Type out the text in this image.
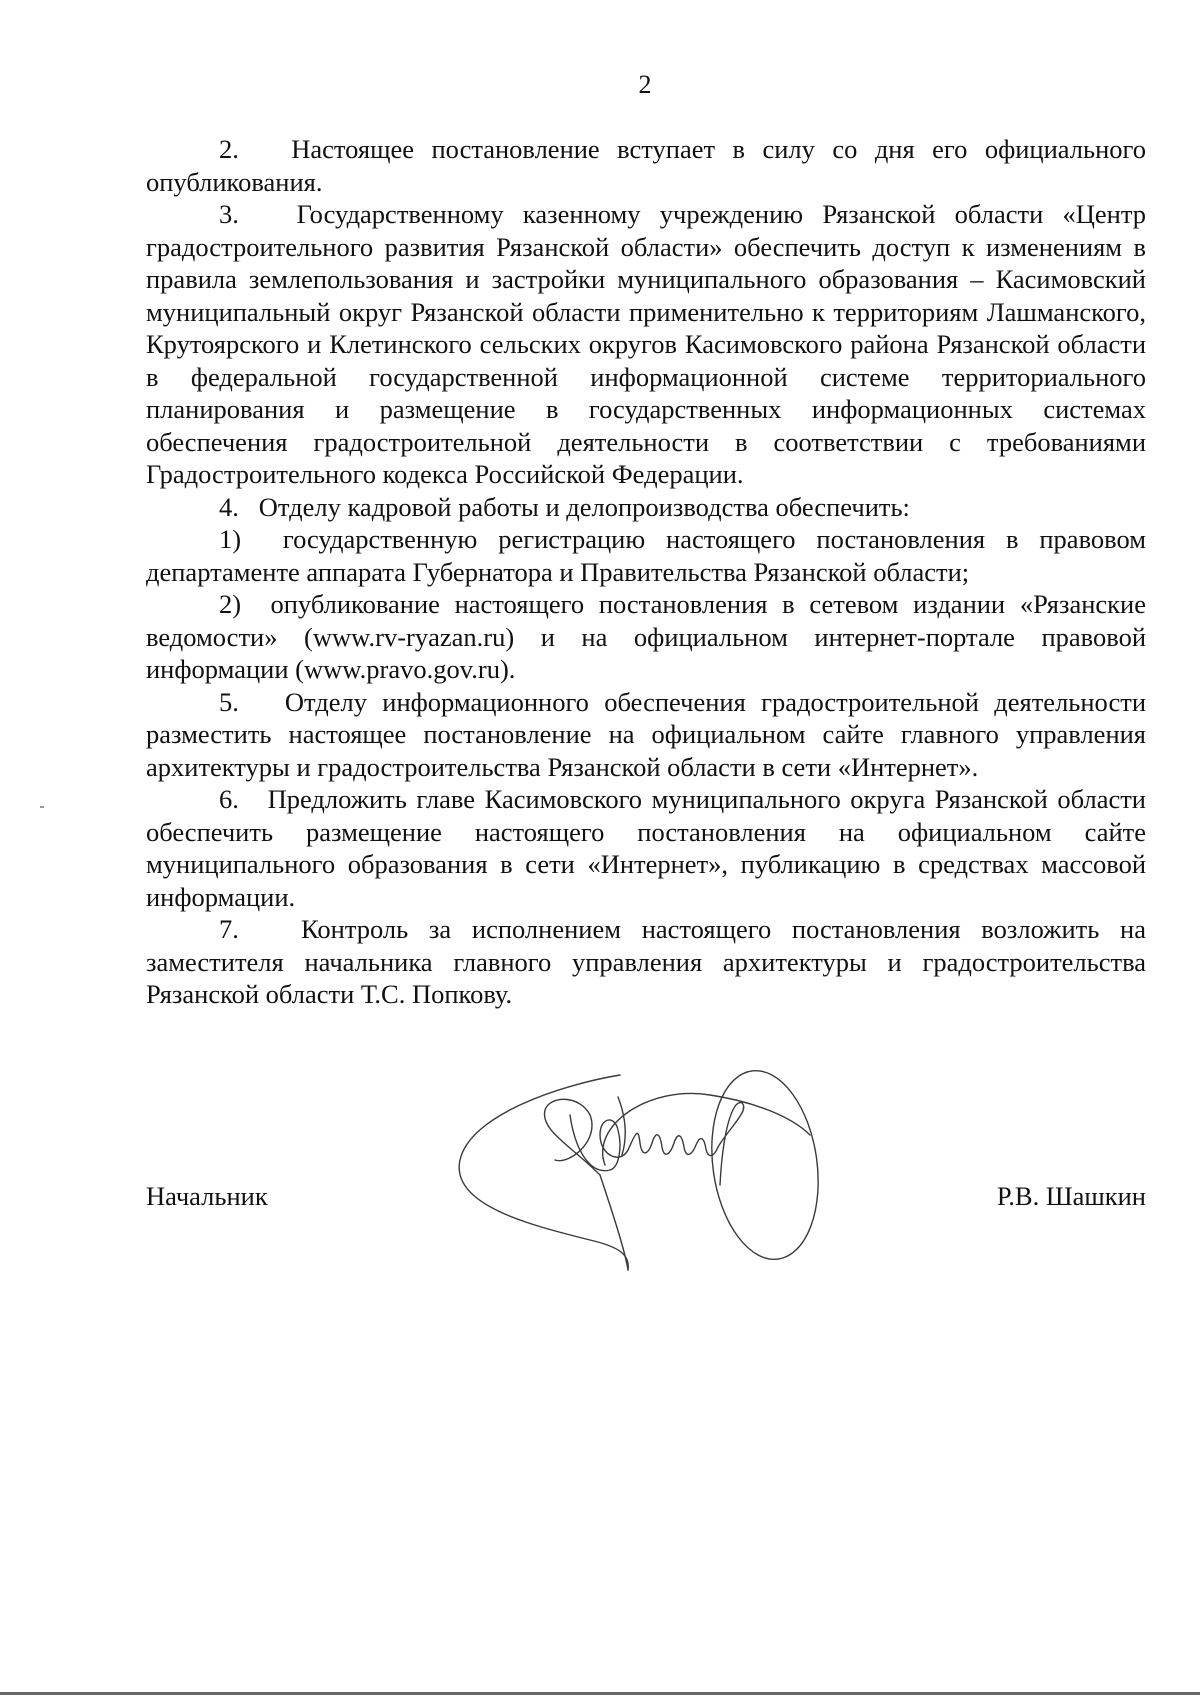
2

2.   Настоящее постановление вступает в силу со дня его официального опубликования.

3.   Государственному казенному учреждению Рязанской области «Центр градостроительного развития Рязанской области» обеспечить доступ к изменениям в правила землепользования и застройки муниципального образования – Касимовский муниципальный округ Рязанской области применительно к территориям Лашманского, Крутоярского и Клетинского сельских округов Касимовского района Рязанской области в федеральной государственной информационной системе территориального планирования и размещение в государственных информационных системах обеспечения градостроительной деятельности в соответствии с требованиями Градостроительного кодекса Российской Федерации.

4.   Отделу кадровой работы и делопроизводства обеспечить:

1)  государственную регистрацию настоящего постановления в правовом департаменте аппарата Губернатора и Правительства Рязанской области;

2)  опубликование настоящего постановления в сетевом издании «Рязанские ведомости» (www.rv-ryazan.ru) и на официальном интернет-портале правовой информации (www.pravo.gov.ru).

5.   Отделу информационного обеспечения градостроительной деятельности разместить настоящее постановление на официальном сайте главного управления архитектуры и градостроительства Рязанской области в сети «Интернет».

6.   Предложить главе Касимовского муниципального округа Рязанской области обеспечить размещение настоящего постановления на официальном сайте муниципального образования в сети «Интернет», публикацию в средствах массовой информации.

7.   Контроль за исполнением настоящего постановления возложить на заместителя начальника главного управления архитектуры и градостроительства Рязанской области Т.С. Попкову.

Начальник	Р.В. Шашкин
